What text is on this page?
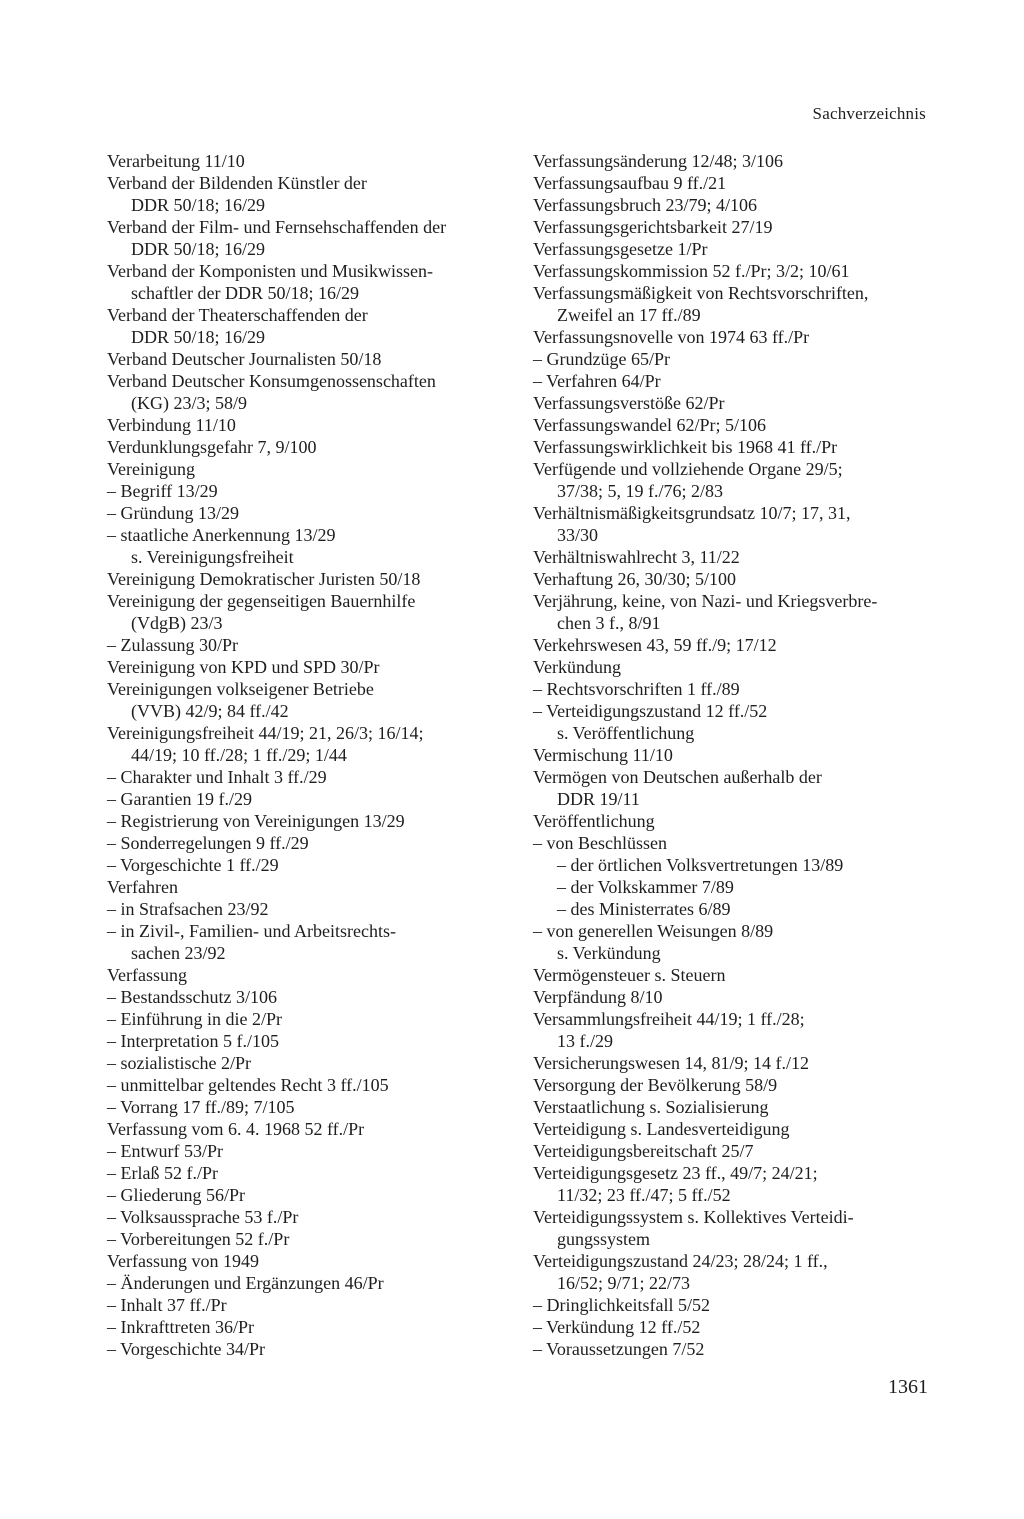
Sachverzeichnis
Verarbeitung 11/10
Verband der Bildenden Künstler der
DDR 50/18; 16/29
Verband der Film- und Fernsehschaffenden der
DDR 50/18; 16/29
Verband der Komponisten und Musikwissen-
schaftler der DDR 50/18; 16/29
Verband der Theaterschaffenden der
DDR 50/18; 16/29
Verband Deutscher Journalisten 50/18
Verband Deutscher Konsumgenossenschaften
(KG) 23/3; 58/9
Verbindung 11/10
Verdunklungsgefahr 7, 9/100
Vereinigung
– Begriff 13/29
– Gründung 13/29
– staatliche Anerkennung 13/29
s. Vereinigungsfreiheit
Vereinigung Demokratischer Juristen 50/18
Vereinigung der gegenseitigen Bauernhilfe
(VdgB) 23/3
– Zulassung 30/Pr
Vereinigung von KPD und SPD 30/Pr
Vereinigungen volkseigener Betriebe
(VVB) 42/9; 84 ff./42
Vereinigungsfreiheit 44/19; 21, 26/3; 16/14;
44/19; 10 ff./28; 1 ff./29; 1/44
– Charakter und Inhalt 3 ff./29
– Garantien 19 f./29
– Registrierung von Vereinigungen 13/29
– Sonderregelungen 9 ff./29
– Vorgeschichte 1 ff./29
Verfahren
– in Strafsachen 23/92
– in Zivil-, Familien- und Arbeitsrechts-
sachen 23/92
Verfassung
– Bestandsschutz 3/106
– Einführung in die 2/Pr
– Interpretation 5 f./105
– sozialistische 2/Pr
– unmittelbar geltendes Recht 3 ff./105
– Vorrang 17 ff./89; 7/105
Verfassung vom 6. 4. 1968 52 ff./Pr
– Entwurf 53/Pr
– Erlaß 52 f./Pr
– Gliederung 56/Pr
– Volksaussprache 53 f./Pr
– Vorbereitungen 52 f./Pr
Verfassung von 1949
– Änderungen und Ergänzungen 46/Pr
– Inhalt 37 ff./Pr
– Inkrafttreten 36/Pr
– Vorgeschichte 34/Pr
Verfassungsänderung 12/48; 3/106
Verfassungsaufbau 9 ff./21
Verfassungsbruch 23/79; 4/106
Verfassungsgerichtsbarkeit 27/19
Verfassungsgesetze 1/Pr
Verfassungskommission 52 f./Pr; 3/2; 10/61
Verfassungsmäßigkeit von Rechtsvorschriften,
Zweifel an 17 ff./89
Verfassungsnovelle von 1974 63 ff./Pr
– Grundzüge 65/Pr
– Verfahren 64/Pr
Verfassungsverstöße 62/Pr
Verfassungswandel 62/Pr; 5/106
Verfassungswirklichkeit bis 1968 41 ff./Pr
Verfügende und vollziehende Organe 29/5;
37/38; 5, 19 f./76; 2/83
Verhältnismäßigkeitsgrundsatz 10/7; 17, 31,
33/30
Verhältniswahlrecht 3, 11/22
Verhaftung 26, 30/30; 5/100
Verjährung, keine, von Nazi- und Kriegsverbre-
chen 3 f., 8/91
Verkehrswesen 43, 59 ff./9; 17/12
Verkündung
– Rechtsvorschriften 1 ff./89
– Verteidigungszustand 12 ff./52
s. Veröffentlichung
Vermischung 11/10
Vermögen von Deutschen außerhalb der
DDR 19/11
Veröffentlichung
– von Beschlüssen
– der örtlichen Volksvertretungen 13/89
– der Volkskammer 7/89
– des Ministerrates 6/89
– von generellen Weisungen 8/89
s. Verkündung
Vermögensteuer s. Steuern
Verpfändung 8/10
Versammlungsfreiheit 44/19; 1 ff./28;
13 f./29
Versicherungswesen 14, 81/9; 14 f./12
Versorgung der Bevölkerung 58/9
Verstaatlichung s. Sozialisierung
Verteidigung s. Landesverteidigung
Verteidigungsbereitschaft 25/7
Verteidigungsgesetz 23 ff., 49/7; 24/21;
11/32; 23 ff./47; 5 ff./52
Verteidigungssystem s. Kollektives Verteidi-
gungssystem
Verteidigungszustand 24/23; 28/24; 1 ff.,
16/52; 9/71; 22/73
– Dringlichkeitsfall 5/52
– Verkündung 12 ff./52
– Voraussetzungen 7/52
1361
